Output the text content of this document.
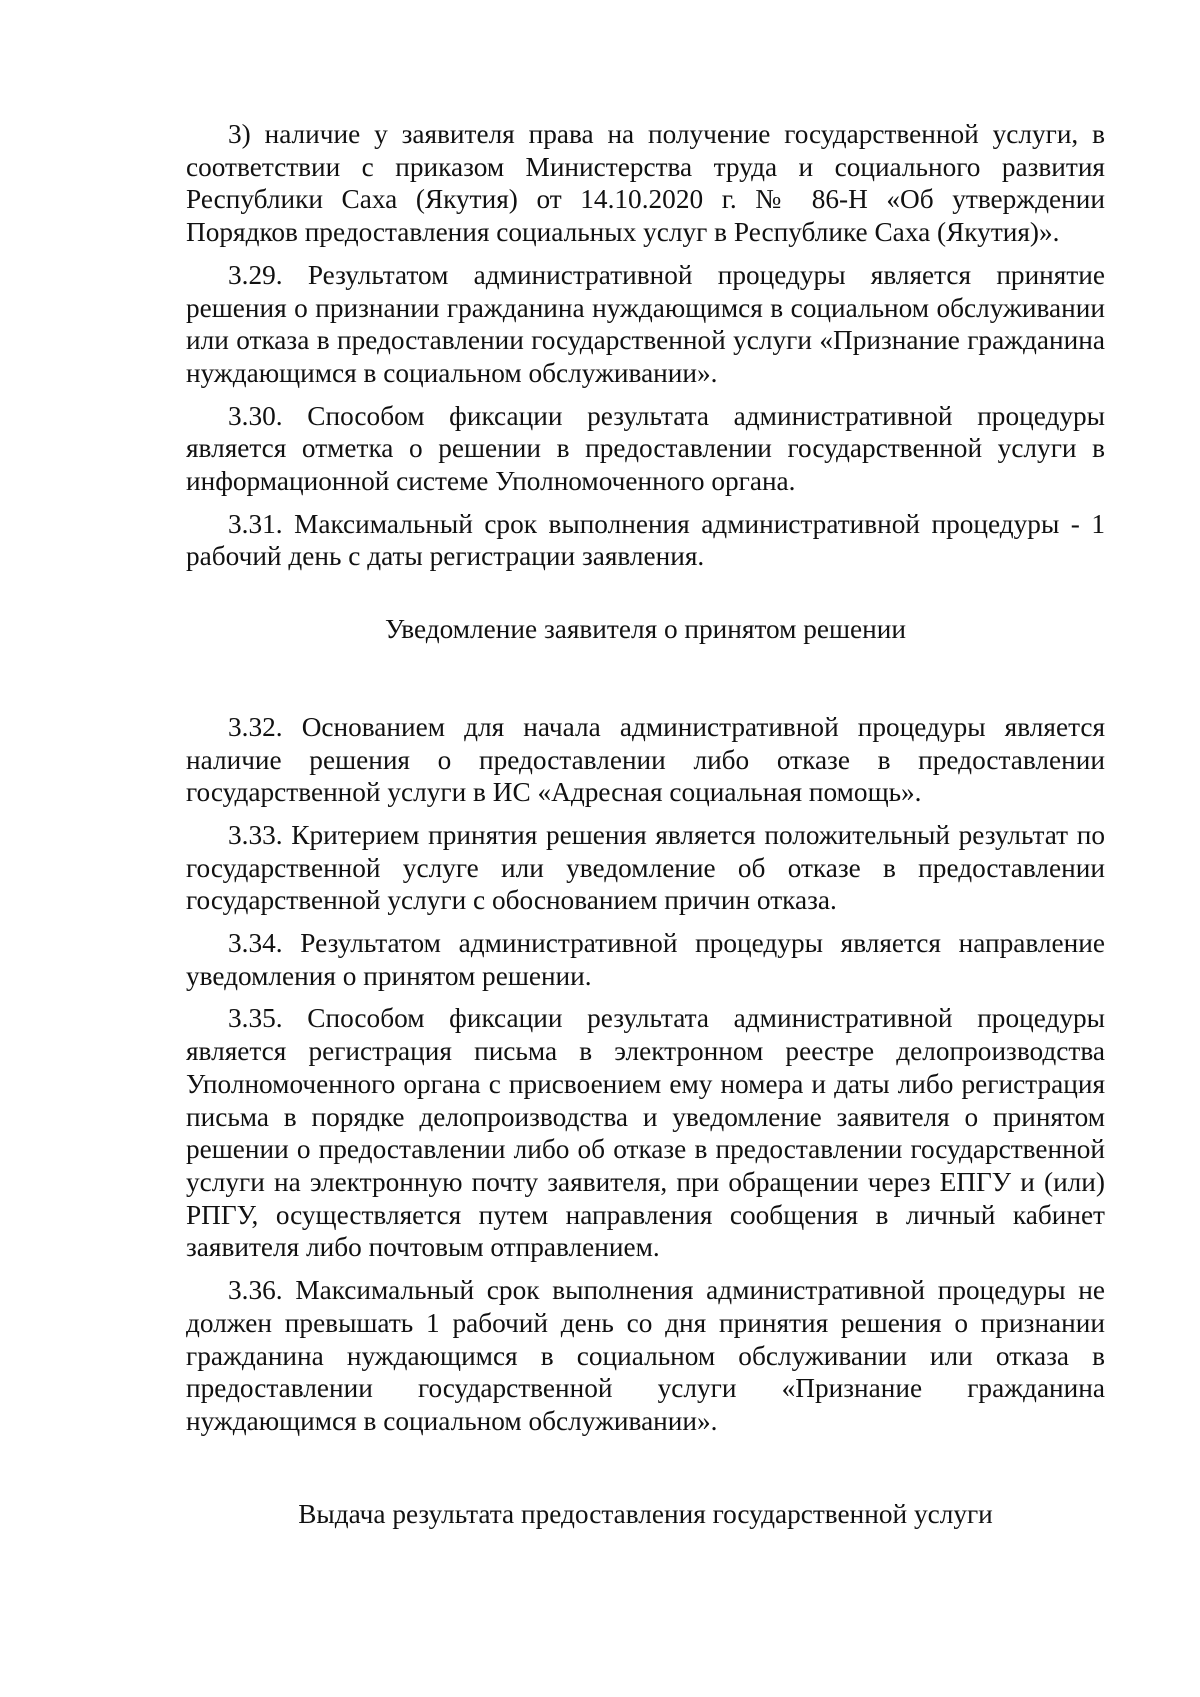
3) наличие у заявителя права на получение государственной услуги, в соответствии с приказом Министерства труда и социального развития Республики Саха (Якутия) от 14.10.2020 г. № 86-Н «Об утверждении Порядков предоставления социальных услуг в Республике Саха (Якутия)».

3.29. Результатом административной процедуры является принятие решения о признании гражданина нуждающимся в социальном обслуживании или отказа в предоставлении государственной услуги «Признание гражданина нуждающимся в социальном обслуживании».

3.30. Способом фиксации результата административной процедуры является отметка о решении в предоставлении государственной услуги в информационной системе Уполномоченного органа.

3.31. Максимальный срок выполнения административной процедуры - 1 рабочий день с даты регистрации заявления.

Уведомление заявителя о принятом решении

3.32. Основанием для начала административной процедуры является наличие решения о предоставлении либо отказе в предоставлении государственной услуги в ИС «Адресная социальная помощь».

3.33. Критерием принятия решения является положительный результат по государственной услуге или уведомление об отказе в предоставлении государственной услуги с обоснованием причин отказа.

3.34. Результатом административной процедуры является направление уведомления о принятом решении.

3.35. Способом фиксации результата административной процедуры является регистрация письма в электронном реестре делопроизводства Уполномоченного органа с присвоением ему номера и даты либо регистрация письма в порядке делопроизводства и уведомление заявителя о принятом решении о предоставлении либо об отказе в предоставлении государственной услуги на электронную почту заявителя, при обращении через ЕПГУ и (или) РПГУ, осуществляется путем направления сообщения в личный кабинет заявителя либо почтовым отправлением.

3.36. Максимальный срок выполнения административной процедуры не должен превышать 1 рабочий день со дня принятия решения о признании гражданина нуждающимся в социальном обслуживании или отказа в предоставлении государственной услуги «Признание гражданина нуждающимся в социальном обслуживании».

Выдача результата предоставления государственной услуги
